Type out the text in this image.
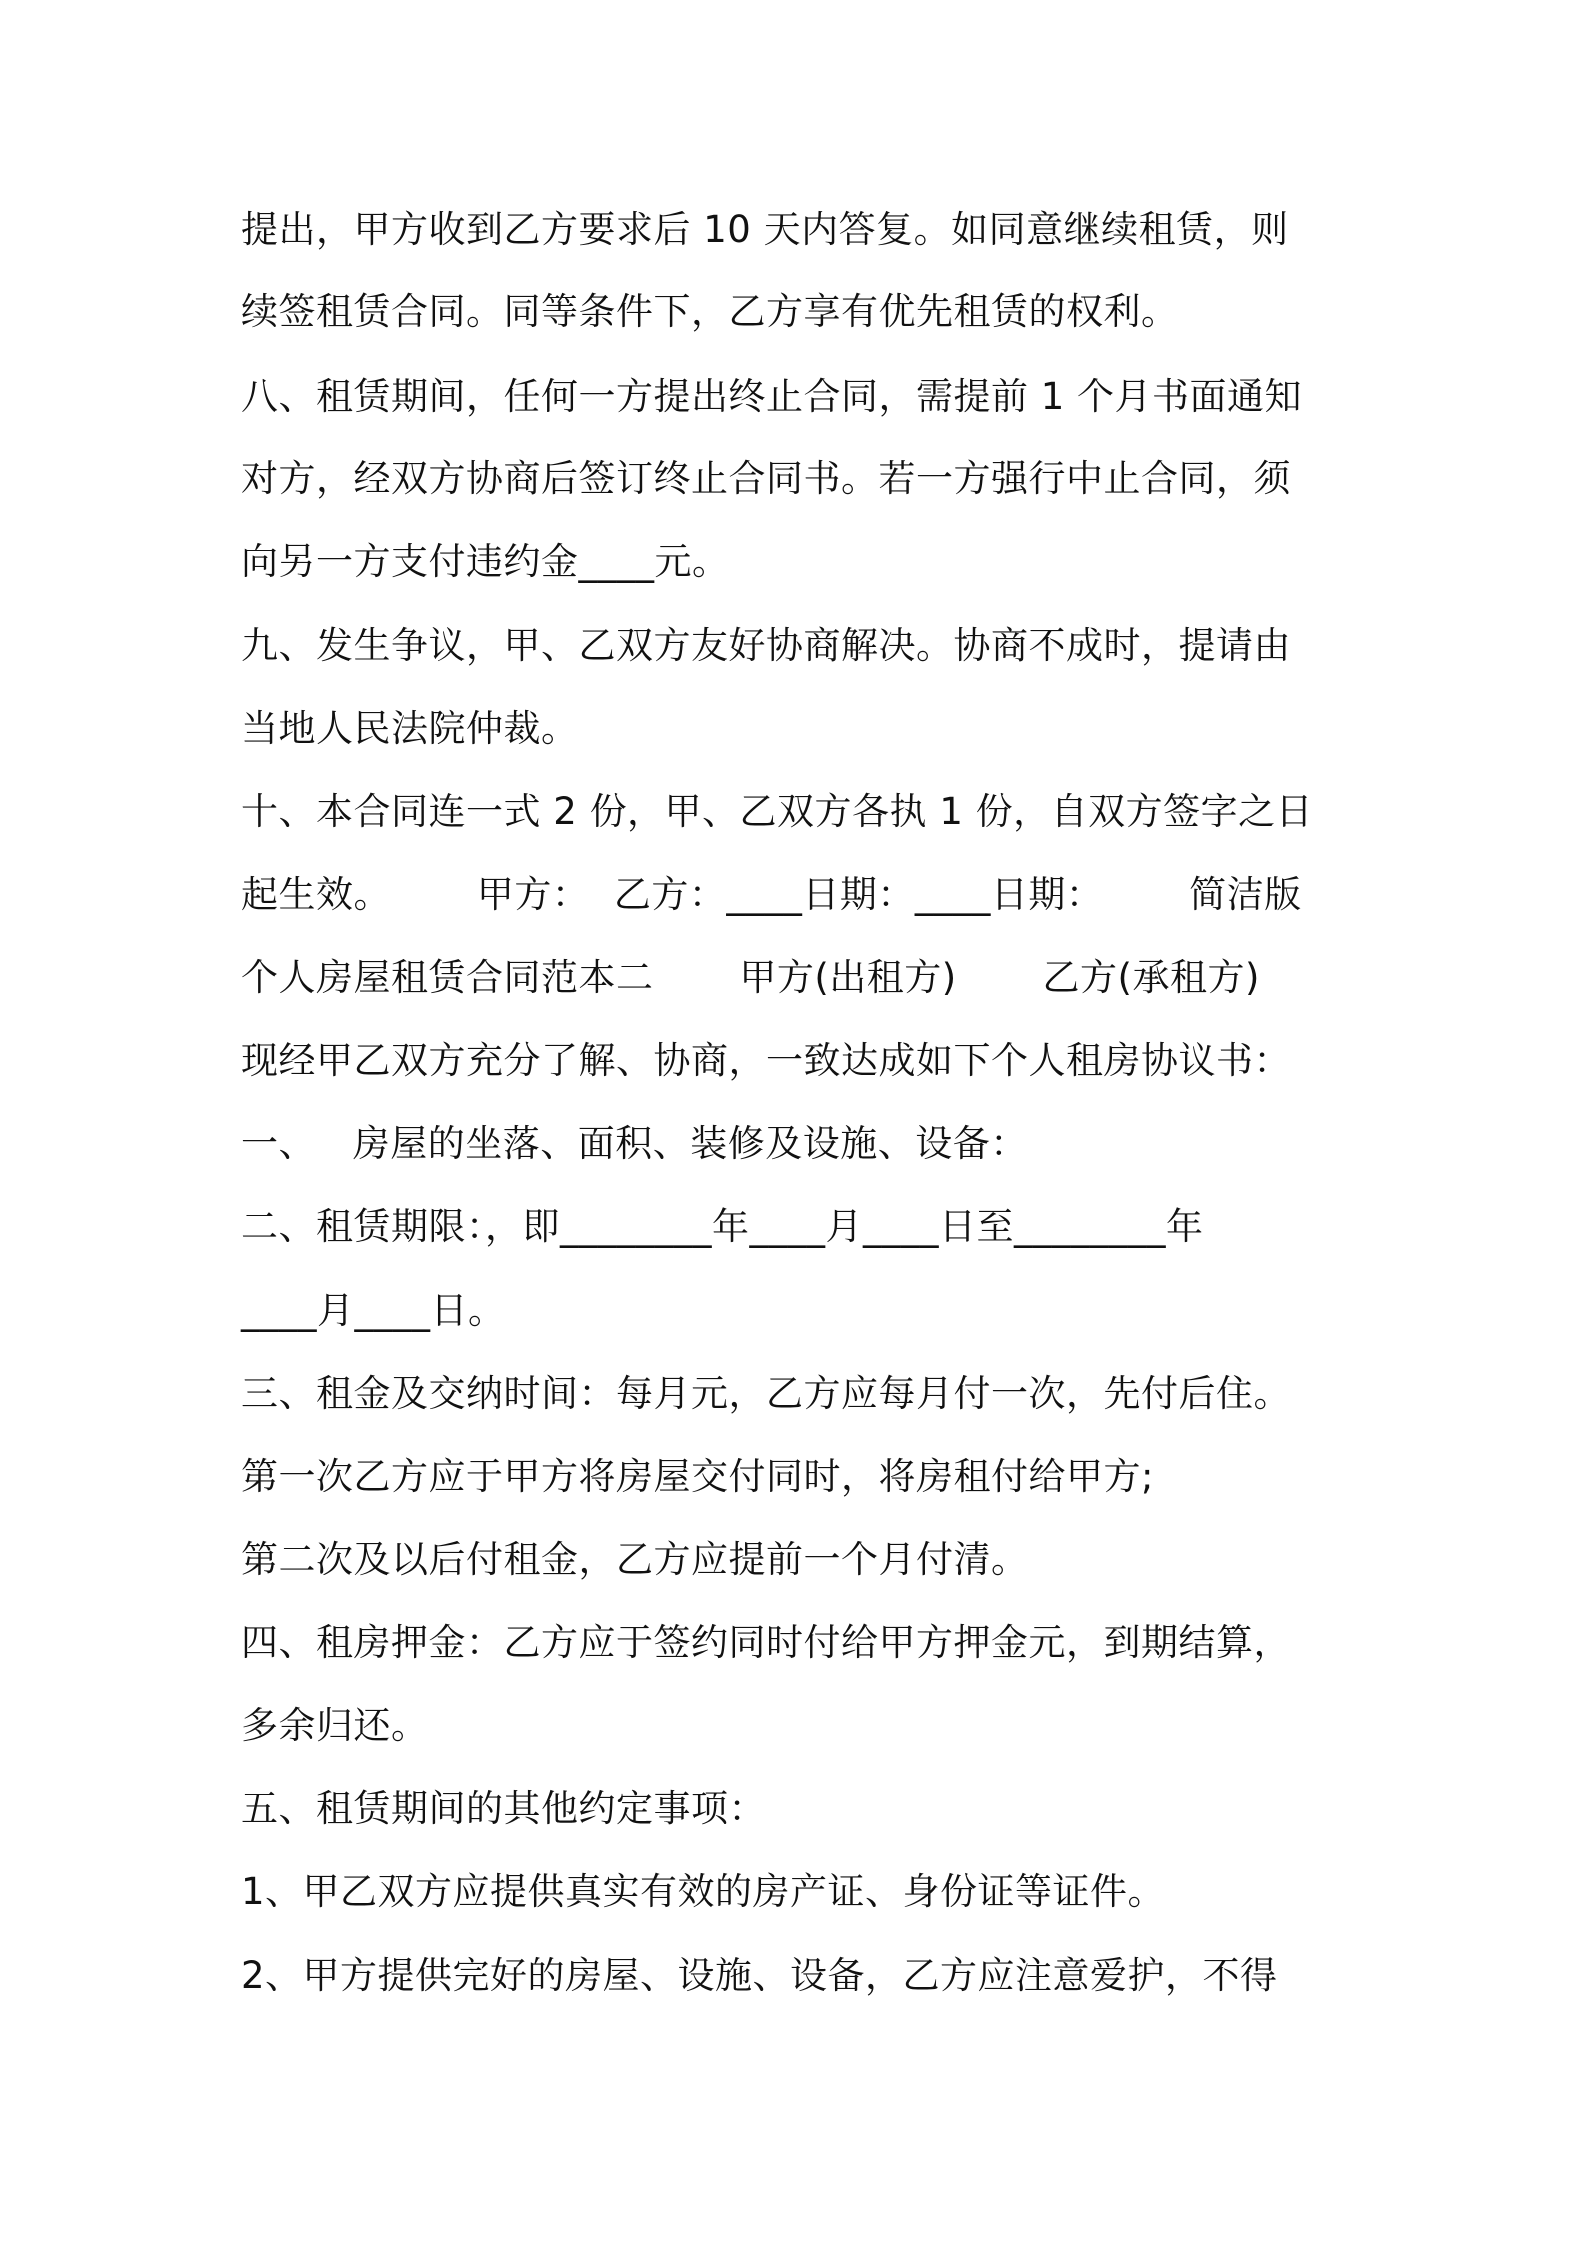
提出，甲方收到乙方要求后 10 天内答复。如同意继续租赁，则
续签租赁合同。同等条件下，乙方享有优先租赁的权利。
八、租赁期间，任何一方提出终止合同，需提前 1 个月书面通知
对方，经双方协商后签订终止合同书。若一方强行中止合同，须
向另一方支付违约金____元。
九、发生争议，甲、乙双方友好协商解决。协商不成时，提请由
当地人民法院仲裁。
十、本合同连一式 2 份，甲、乙双方各执 1 份，自双方签字之日
起生效。       甲方：  乙方：____日期：____日期：       简洁版
个人房屋租赁合同范本二       甲方(出租方)       乙方(承租方)
现经甲乙双方充分了解、协商，一致达成如下个人租房协议书：
一、   房屋的坐落、面积、装修及设施、设备：
二、租赁期限：，即________年____月____日至________年
____月____日。
三、租金及交纳时间：每月元，乙方应每月付一次，先付后住。
第一次乙方应于甲方将房屋交付同时，将房租付给甲方;
第二次及以后付租金，乙方应提前一个月付清。
四、租房押金：乙方应于签约同时付给甲方押金元，到期结算，
多余归还。
五、租赁期间的其他约定事项：
1、甲乙双方应提供真实有效的房产证、身份证等证件。
2、甲方提供完好的房屋、设施、设备，乙方应注意爱护，不得
